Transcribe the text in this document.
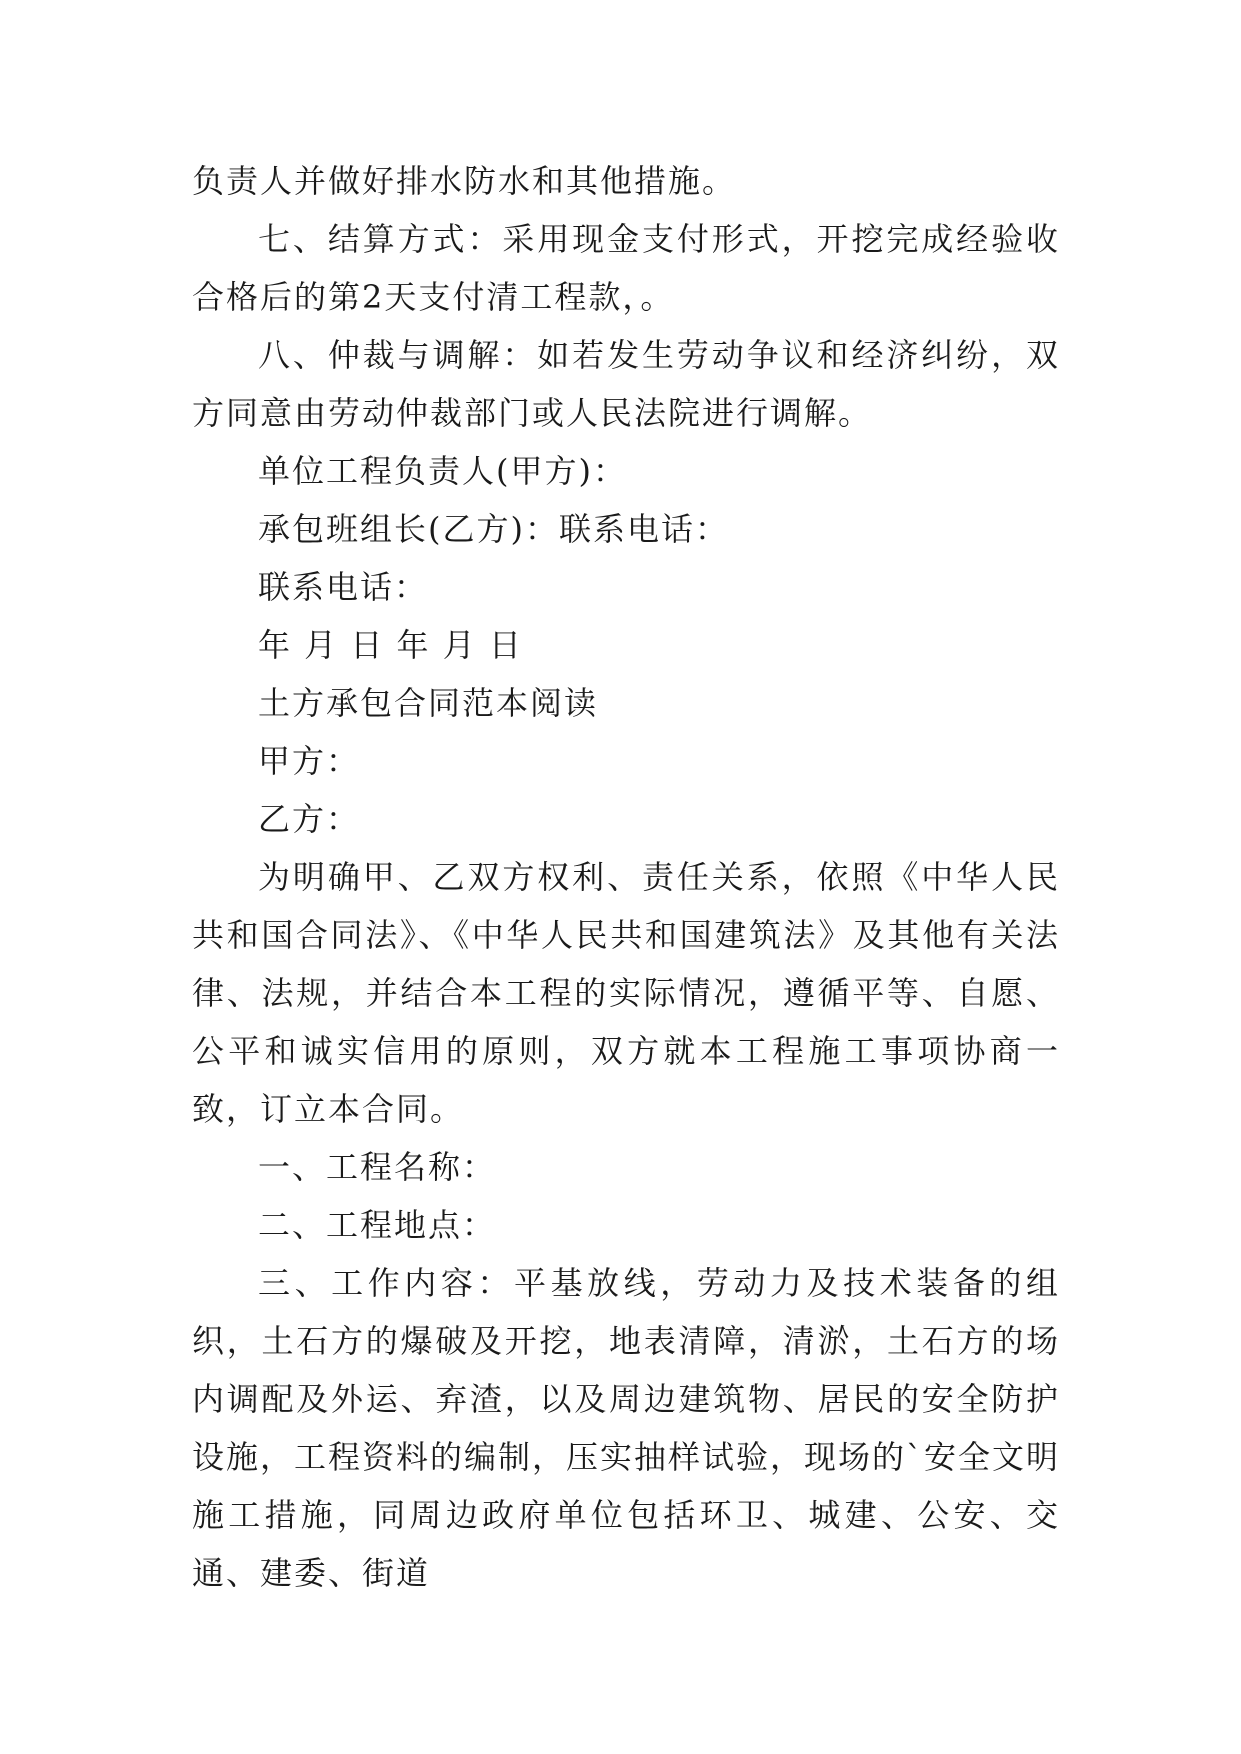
负责人并做好排水防水和其他措施。

七、结算方式：采用现金支付形式，开挖完成经验收合格后的第2天支付清工程款，。

八、仲裁与调解：如若发生劳动争议和经济纠纷，双方同意由劳动仲裁部门或人民法院进行调解。

单位工程负责人(甲方)：

承包班组长(乙方)：联系电话：

联系电话：

年 月 日 年 月 日

土方承包合同范本阅读

甲方：

乙方：

为明确甲、乙双方权利、责任关系，依照《中华人民共和国合同法》、《中华人民共和国建筑法》及其他有关法律、法规，并结合本工程的实际情况，遵循平等、自愿、公平和诚实信用的原则，双方就本工程施工事项协商一致，订立本合同。

一、工程名称：

二、工程地点：

三、工作内容：平基放线，劳动力及技术装备的组织，土石方的爆破及开挖，地表清障，清淤，土石方的场内调配及外运、弃渣，以及周边建筑物、居民的安全防护设施，工程资料的编制，压实抽样试验，现场的`安全文明施工措施，同周边政府单位包括环卫、城建、公安、交通、建委、街道
